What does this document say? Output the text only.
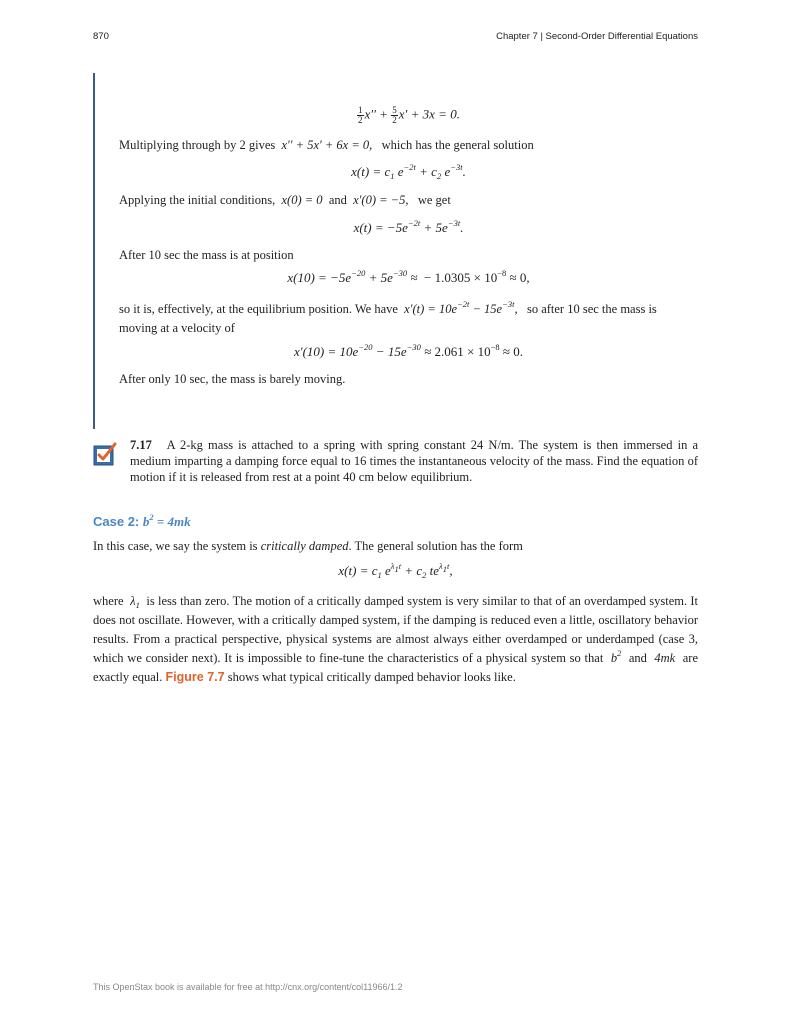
870	Chapter 7 | Second-Order Differential Equations
$\frac{1}{2} x'' + \frac{5}{2} x' + 3x = 0$.
Multiplying through by 2 gives x′′ + 5x′ + 6x = 0, which has the general solution
$x(t) = c_1$ $e^{-2t} + c_2$ $e^{-3t}$.
Applying the initial conditions, x(0) = 0 and x′(0) = −5, we get
$x(t) = -5e^{-2t} + 5e^{-3t}$.
After 10 sec the mass is at position
$x(10) = -5e^{-20} + 5e^{-30}$ ≈  − $1.0305 \times 10^{-8} \approx 0$,
so it is, effectively, at the equilibrium position. We have $x'(t) = 10e^{-2t} - 15e^{-3t}$, so after 10 sec the mass is
moving at a velocity of
$x'(10) = 10e^{-20} - 15e^{-30} \approx 2.061 \times 10^{-8} \approx 0$.
After only 10 sec, the mass is barely moving.
7.17 A 2-kg mass is attached to a spring with spring constant 24 N/m. The system is then immersed in a medium imparting a damping force equal to 16 times the instantaneous velocity of the mass. Find the equation of motion if it is released from rest at a point 40 cm below equilibrium.
Case 2: $b^2 = 4mk$
In this case, we say the system is critically damped. The general solution has the form
$x(t) = c_1$ $e^{\lambda_1t} + c_2$ $te^{\lambda_1t}$,
where $\lambda_1$ is less than zero. The motion of a critically damped system is very similar to that of an overdamped system. It does not oscillate. However, with a critically damped system, if the damping is reduced even a little, oscillatory behavior results. From a practical perspective, physical systems are almost always either overdamped or underdamped (case 3, which we consider next). It is impossible to fine-tune the characteristics of a physical system so that $b^2$ and 4mk are exactly equal. Figure 7.7 shows what typical critically damped behavior looks like.
This OpenStax book is available for free at http://cnx.org/content/col11966/1.2
